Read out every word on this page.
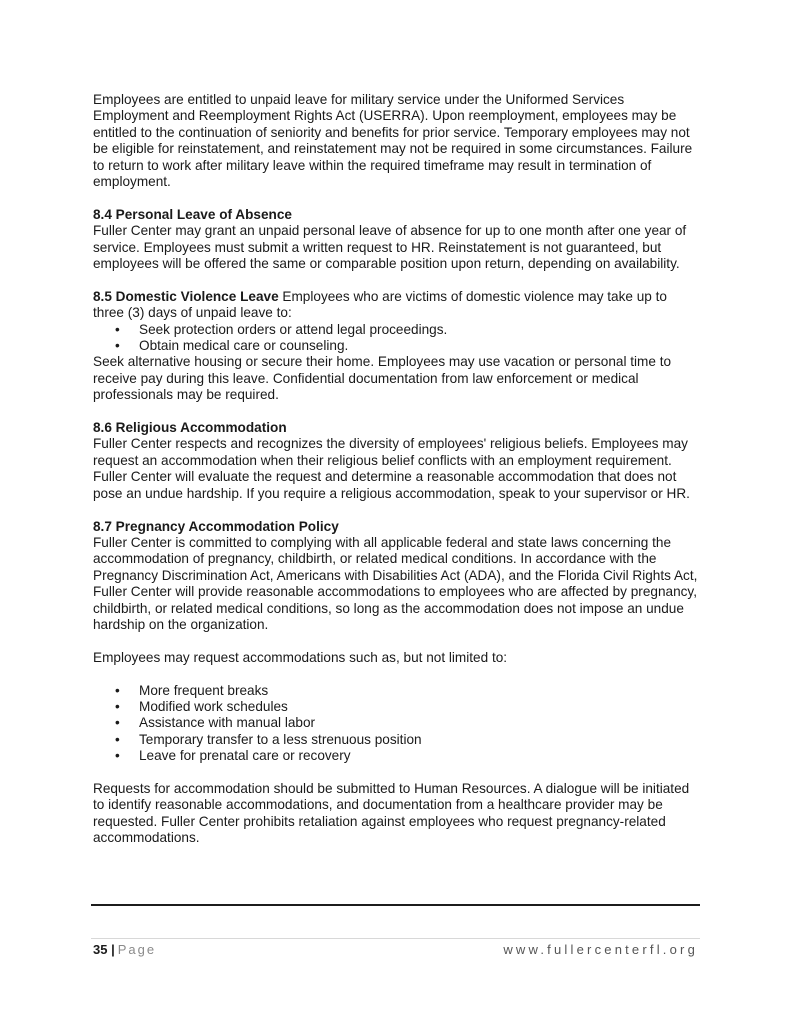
Employees are entitled to unpaid leave for military service under the Uniformed Services Employment and Reemployment Rights Act (USERRA). Upon reemployment, employees may be entitled to the continuation of seniority and benefits for prior service. Temporary employees may not be eligible for reinstatement, and reinstatement may not be required in some circumstances. Failure to return to work after military leave within the required timeframe may result in termination of employment.

8.4 Personal Leave of Absence

Fuller Center may grant an unpaid personal leave of absence for up to one month after one year of service. Employees must submit a written request to HR. Reinstatement is not guaranteed, but employees will be offered the same or comparable position upon return, depending on availability.

8.5 Domestic Violence Leave Employees who are victims of domestic violence may take up to three (3) days of unpaid leave to:

• Seek protection orders or attend legal proceedings.
• Obtain medical care or counseling.

Seek alternative housing or secure their home. Employees may use vacation or personal time to receive pay during this leave. Confidential documentation from law enforcement or medical professionals may be required.

8.6 Religious Accommodation

Fuller Center respects and recognizes the diversity of employees' religious beliefs. Employees may request an accommodation when their religious belief conflicts with an employment requirement. Fuller Center will evaluate the request and determine a reasonable accommodation that does not pose an undue hardship. If you require a religious accommodation, speak to your supervisor or HR.

8.7 Pregnancy Accommodation Policy

Fuller Center is committed to complying with all applicable federal and state laws concerning the accommodation of pregnancy, childbirth, or related medical conditions. In accordance with the Pregnancy Discrimination Act, Americans with Disabilities Act (ADA), and the Florida Civil Rights Act, Fuller Center will provide reasonable accommodations to employees who are affected by pregnancy, childbirth, or related medical conditions, so long as the accommodation does not impose an undue hardship on the organization.

Employees may request accommodations such as, but not limited to:

• More frequent breaks
• Modified work schedules
• Assistance with manual labor
• Temporary transfer to a less strenuous position
• Leave for prenatal care or recovery

Requests for accommodation should be submitted to Human Resources. A dialogue will be initiated to identify reasonable accommodations, and documentation from a healthcare provider may be requested. Fuller Center prohibits retaliation against employees who request pregnancy-related accommodations.

35 | Page	www.fullercenterfl.org
